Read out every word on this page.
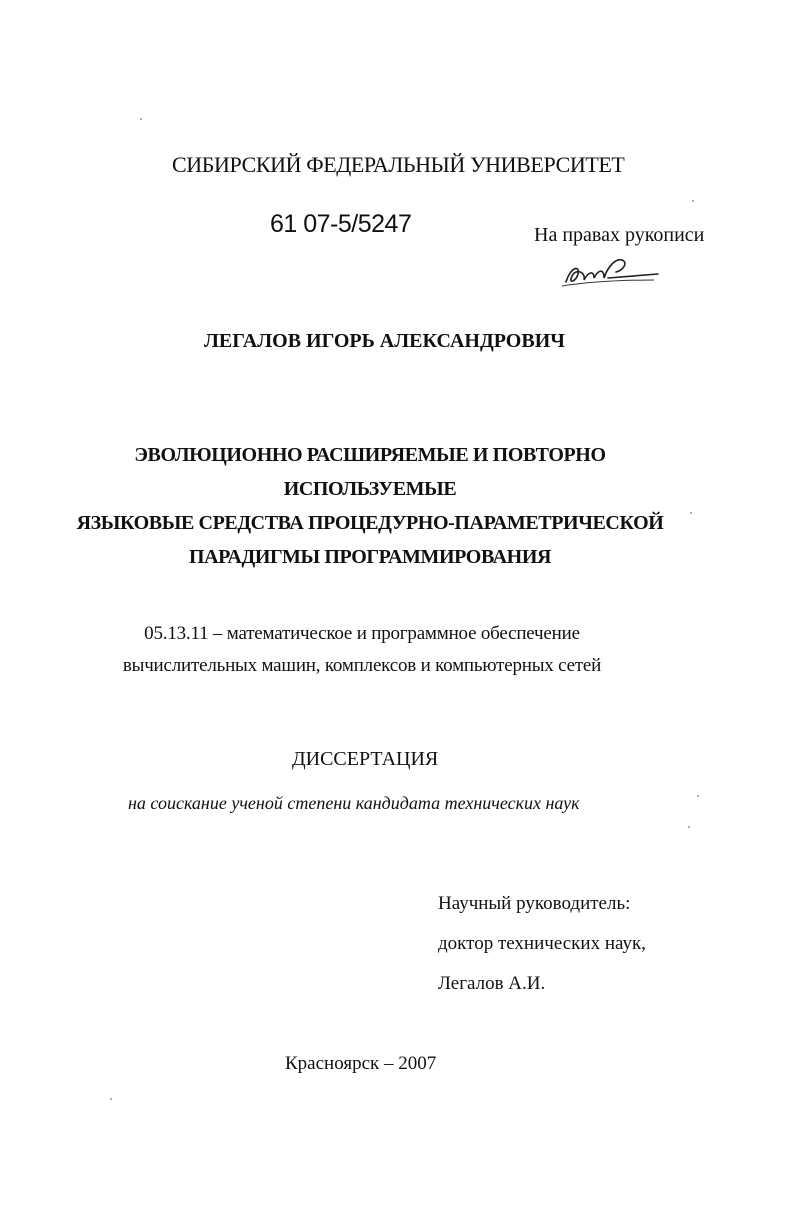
СИБИРСКИЙ ФЕДЕРАЛЬНЫЙ УНИВЕРСИТЕТ
61 07-5/5247	На правах рукописи
ЛЕГАЛОВ ИГОРЬ АЛЕКСАНДРОВИЧ
ЭВОЛЮЦИОННО РАСШИРЯЕМЫЕ И ПОВТОРНО ИСПОЛЬЗУЕМЫЕ
ЯЗЫКОВЫЕ СРЕДСТВА ПРОЦЕДУРНО-ПАРАМЕТРИЧЕСКОЙ
ПАРАДИГМЫ ПРОГРАММИРОВАНИЯ
05.13.11 – математическое и программное обеспечение
вычислительных машин, комплексов и компьютерных сетей
ДИССЕРТАЦИЯ
на соискание ученой степени кандидата технических наук
Научный руководитель:
доктор технических наук,
Легалов А.И.
Красноярск – 2007
